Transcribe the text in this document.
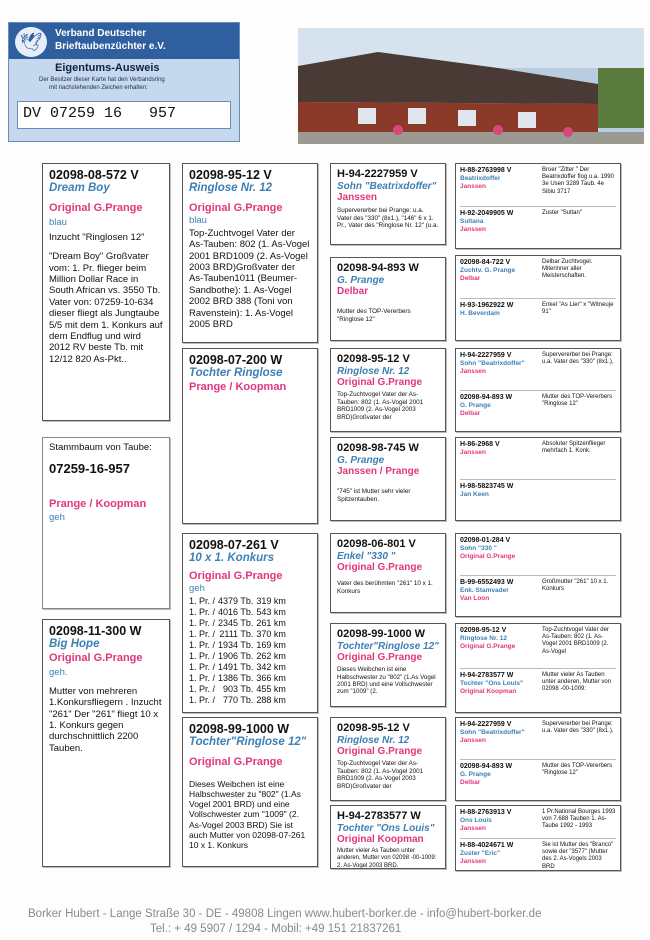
🕊	Verband Deutscher
Brieftaubenzüchter e.V.
Eigentums-Ausweis
Der Besitzer dieser Karte hat den Verbandsring
mit nachstehenden Zeichen erhalten:
DV 07259 16   957
02098-08-572 V
Dream Boy
Original G.Prange
blau
Inzucht "Ringlosen 12"
"Dream Boy" Großvater vom: 1. Pr. flieger beim Million Dollar Race in South African vs. 3550 Tb. Vater von: 07259-10-634 dieser fliegt als Jungtaube 5/5 mit dem 1. Konkurs auf dem Endflug und wird 2012 RV beste Tb. mit 12/12 820 As-Pkt..
Stammbaum von Taube:
07259-16-957
Prange / Koopman
geh
02098-11-300 W
Big Hope
Original G.Prange
geh.
Mutter von mehreren 1.Konkursfliegern . Inzucht "261" Der "261" fliegt 10 x 1. Konkurs gegen durchschnittlich 2200 Tauben.
02098-95-12 V
Ringlose Nr. 12
Original G.Prange
blau
Top-Zuchtvogel Vater der As-Tauben: 802 (1. As-Vogel 2001 BRD1009 (2. As-Vogel 2003 BRD)Großvater der As-Tauben1011 (Beumer-Sandbothe): 1. As-Vogel 2002 BRD 388 (Toni von Ravenstein): 1. As-Vogel 2005 BRD
02098-07-200 W
Tochter Ringlose
Prange / Koopman
02098-07-261 V
10 x 1. Konkurs
Original G.Prange
geh
1. Pr. /	4379 Tb.	319 km
1. Pr. /	4016 Tb.	543 km
1. Pr. /	2345 Tb.	261 km
1. Pr. /	2111 Tb.	370 km
1. Pr. /	1934 Tb.	169 km
1. Pr. /	1906 Tb.	262 km
1. Pr. /	1491 Tb.	342 km
1. Pr. /	1386 Tb.	366 km
1. Pr. /	903 Tb.	455 km
1. Pr. /	770 Tb.	288 km
02098-99-1000 W
Tochter"Ringlose 12"
Original G.Prange
Dieses Weibchen ist eine Halbschwester zu "802" (1.As Vogel 2001 BRD) und eine Vollschwester zum "1009" (2. As-Vogel 2003 BRD) Sie ist auch Mutter von 02098-07-261 10 x 1. Konkurs
H-94-2227959 V
Sohn "Beatrixdoffer"
Janssen
Supervererber bei Prange: u.a. Vater des "330" (8x1.), "146" 6 x 1. Pr., Vater des "Ringlose Nr. 12" (u.a.
02098-94-893 W
G. Prange
Delbar
Mutter des TOP-Vererbers "Ringlose 12"
02098-95-12 V
Ringlose Nr. 12
Original G.Prange
Top-Zuchtvogel Vater der As-Tauben: 802 (1. As-Vogel 2001 BRD1009 (2. As-Vogel 2003 BRD)Großvater der
02098-98-745 W
G. Prange
Janssen / Prange
"745" ist Mutter sehr vieler Spitzentauben.
02098-06-801 V
Enkel "330 "
Original G.Prange
Vater des berühmten "261" 10 x 1. Konkurs
02098-99-1000 W
Tochter"Ringlose 12"
Original G.Prange
Dieses Weibchen ist eine Halbschwester zu "802" (1.As Vogel 2001 BRD) und eine Vollschwester zum "1009" (2.
02098-95-12 V
Ringlose Nr. 12
Original G.Prange
Top-Zuchtvogel Vater der As-Tauben: 802 (1. As-Vogel 2001 BRD1009 (2. As-Vogel 2003 BRD)Großvater der
H-94-2783577 W
Tochter "Ons Louis"
Original Koopman
Mutter vieler As Tauben unter anderen, Mutter von 02098 -00-1009: 2. As-Vogel 2003 BRD.
H-88-2763998 V
Beatrixdoffer
Janssen
Broer "Zitter " Der Beatrixdoffer flog u.a. 1990 3e Usen 3289 Taub. 4e Sibiu 3717
H-92-2049905 W
Sultana
Janssen
Zuster "Sultan"
02098-84-722 V
Zuchtv. G. Prange
Delbar
Delbar Zuchtvogel. Miterinner aller Meisterschaften.
H-93-1962922 W
H. Beverdam
Enkel "As Lier" x "Witneuje 91"
H-94-2227959 V
Sohn "Beatrixdoffer"
Janssen
Supervererber bei Prange: u.a. Vater des "330" (8x1.),
02098-94-893 W
G. Prange
Delbar
Mutter des TOP-Vererbers "Ringlose 12"
H-86-2968 V
Janssen
Absoluter Spitzenflieger mehrfach 1. Konk.
H-98-5823745 W
Jan Keen
02098-01-284 V
Sohn "330 "
Original G.Prange
B-99-6552493 W
Enk. Stamvader
Van Loon
Großmutter "261" 10 x 1. Konkurs
02098-95-12 V
Ringlose Nr. 12
Original G.Prange
Top-Zuchtvogel Vater der As-Tauben: 802 (1. As-Vogel 2001 BRD1009 (2. As-Vogel
H-94-2783577 W
Tochter "Ons Louis"
Original Koopman
Mutter vieler As Tauben unter anderen, Mutter von 02098 -00-1009:
H-94-2227959 V
Sohn "Beatrixdoffer"
Janssen
Supervererber bei Prange: u.a. Vater des "330" (8x1.),
02098-94-893 W
G. Prange
Delbar
Mutter des TOP-Vererbers "Ringlose 12"
H-88-2763913 V
Ons Louis
Janssen
1 Pr.National Bourges 1993 von 7.688 Tauben 1. As-Taube 1992 - 1993
H-88-4024671 W
Zuster "Eric"
Janssen
Sie ist Mutter des "Branco" sowie der "3577" (Mutter des 2. As-Vogels 2003 BRD
Borker Hubert - Lange Straße 30 - DE - 49808 Lingen www.hubert-borker.de - info@hubert-borker.de
Tel.: + 49 5907 / 1294 - Mobil: +49 151 21837261
